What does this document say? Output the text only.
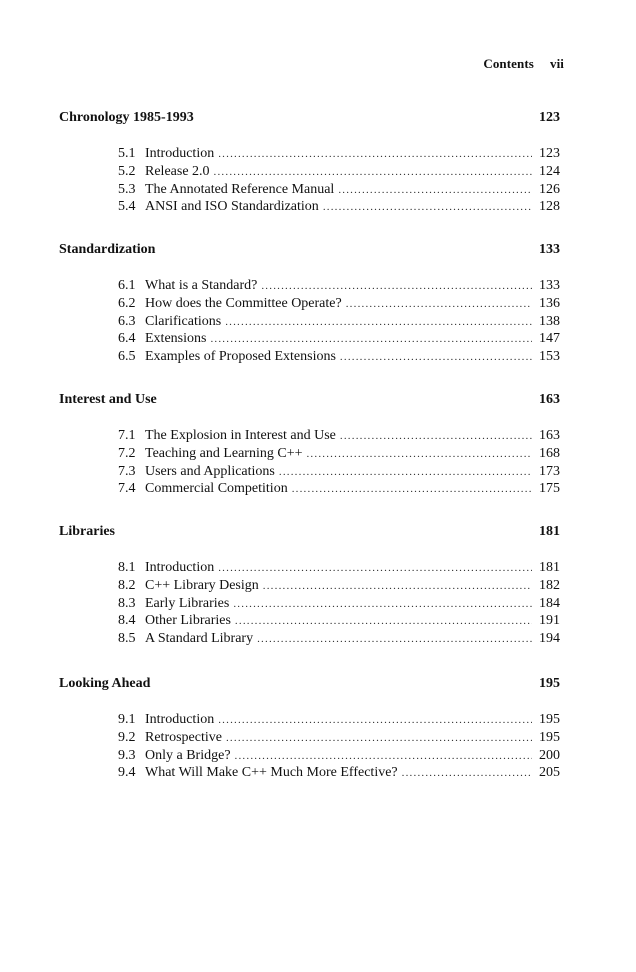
Contents vii
Chronology 1985-1993	123
5.1 Introduction .....	123
5.2 Release 2.0 .....	124
5.3 The Annotated Reference Manual .....	126
5.4 ANSI and ISO Standardization .....	128
Standardization	133
6.1 What is a Standard? .....	133
6.2 How does the Committee Operate? .....	136
6.3 Clarifications .....	138
6.4 Extensions .....	147
6.5 Examples of Proposed Extensions .....	153
Interest and Use	163
7.1 The Explosion in Interest and Use .....	163
7.2 Teaching and Learning C++ .....	168
7.3 Users and Applications .....	173
7.4 Commercial Competition .....	175
Libraries	181
8.1 Introduction .....	181
8.2 C++ Library Design .....	182
8.3 Early Libraries .....	184
8.4 Other Libraries .....	191
8.5 A Standard Library .....	194
Looking Ahead	195
9.1 Introduction .....	195
9.2 Retrospective .....	195
9.3 Only a Bridge? .....	200
9.4 What Will Make C++ Much More Effective? .....	205
